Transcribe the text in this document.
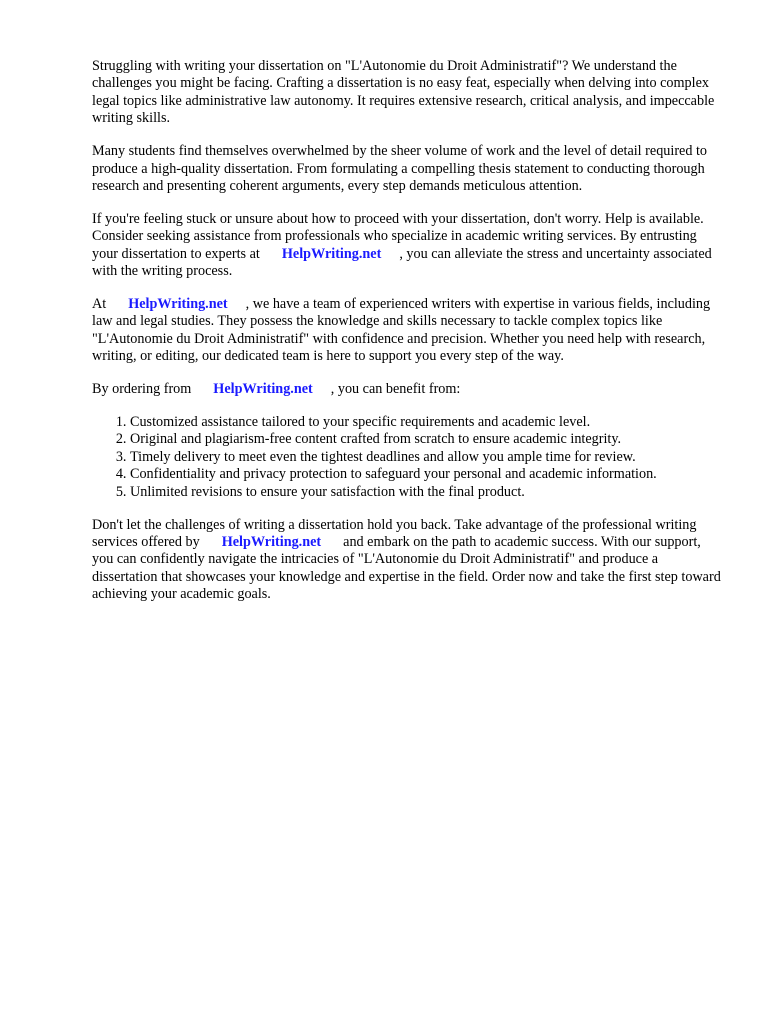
Struggling with writing your dissertation on "L'Autonomie du Droit Administratif"? We understand the challenges you might be facing. Crafting a dissertation is no easy feat, especially when delving into complex legal topics like administrative law autonomy. It requires extensive research, critical analysis, and impeccable writing skills.

Many students find themselves overwhelmed by the sheer volume of work and the level of detail required to produce a high-quality dissertation. From formulating a compelling thesis statement to conducting thorough research and presenting coherent arguments, every step demands meticulous attention.

If you're feeling stuck or unsure about how to proceed with your dissertation, don't worry. Help is available. Consider seeking assistance from professionals who specialize in academic writing services. By entrusting your dissertation to experts at HelpWriting.net , you can alleviate the stress and uncertainty associated with the writing process.

At HelpWriting.net , we have a team of experienced writers with expertise in various fields, including law and legal studies. They possess the knowledge and skills necessary to tackle complex topics like "L'Autonomie du Droit Administratif" with confidence and precision. Whether you need help with research, writing, or editing, our dedicated team is here to support you every step of the way.

By ordering from HelpWriting.net , you can benefit from:

1. Customized assistance tailored to your specific requirements and academic level.
2. Original and plagiarism-free content crafted from scratch to ensure academic integrity.
3. Timely delivery to meet even the tightest deadlines and allow you ample time for review.
4. Confidentiality and privacy protection to safeguard your personal and academic information.
5. Unlimited revisions to ensure your satisfaction with the final product.

Don't let the challenges of writing a dissertation hold you back. Take advantage of the professional writing services offered by HelpWriting.net and embark on the path to academic success. With our support, you can confidently navigate the intricacies of "L'Autonomie du Droit Administratif" and produce a dissertation that showcases your knowledge and expertise in the field. Order now and take the first step toward achieving your academic goals.
